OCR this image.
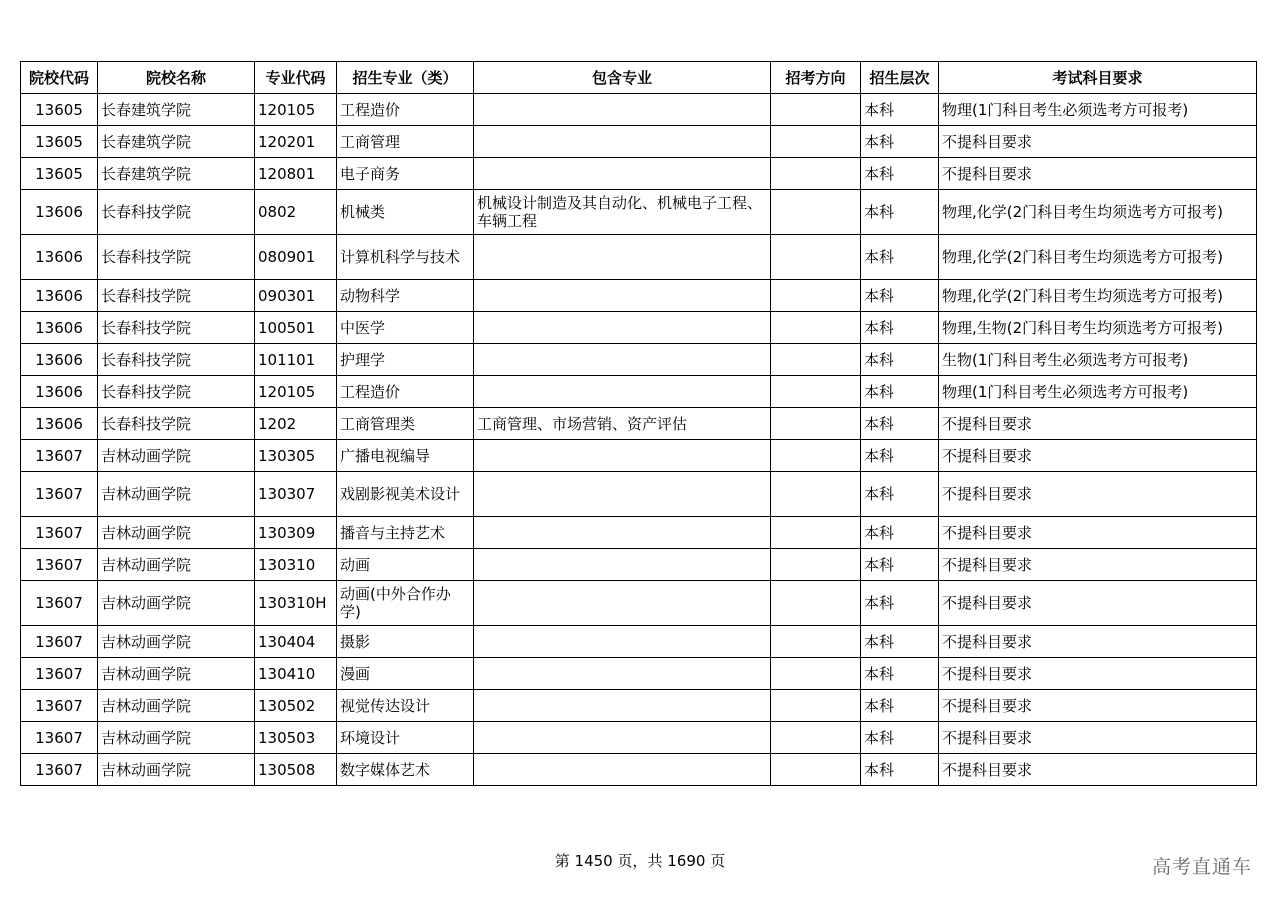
院校代码	院校名称	专业代码	招生专业（类）	包含专业	招考方向	招生层次	考试科目要求
13605	长春建筑学院	120105	工程造价			本科	物理(1门科目考生必须选考方可报考)
13605	长春建筑学院	120201	工商管理			本科	不提科目要求
13605	长春建筑学院	120801	电子商务			本科	不提科目要求
13606	长春科技学院	0802	机械类	机械设计制造及其自动化、机械电子工程、车辆工程		本科	物理,化学(2门科目考生均须选考方可报考)
13606	长春科技学院	080901	计算机科学与技术			本科	物理,化学(2门科目考生均须选考方可报考)
13606	长春科技学院	090301	动物科学			本科	物理,化学(2门科目考生均须选考方可报考)
13606	长春科技学院	100501	中医学			本科	物理,生物(2门科目考生均须选考方可报考)
13606	长春科技学院	101101	护理学			本科	生物(1门科目考生必须选考方可报考)
13606	长春科技学院	120105	工程造价			本科	物理(1门科目考生必须选考方可报考)
13606	长春科技学院	1202	工商管理类	工商管理、市场营销、资产评估		本科	不提科目要求
13607	吉林动画学院	130305	广播电视编导			本科	不提科目要求
13607	吉林动画学院	130307	戏剧影视美术设计			本科	不提科目要求
13607	吉林动画学院	130309	播音与主持艺术			本科	不提科目要求
13607	吉林动画学院	130310	动画			本科	不提科目要求
13607	吉林动画学院	130310H	动画(中外合作办学)			本科	不提科目要求
13607	吉林动画学院	130404	摄影			本科	不提科目要求
13607	吉林动画学院	130410	漫画			本科	不提科目要求
13607	吉林动画学院	130502	视觉传达设计			本科	不提科目要求
13607	吉林动画学院	130503	环境设计			本科	不提科目要求
13607	吉林动画学院	130508	数字媒体艺术			本科	不提科目要求
第 1450 页，共 1690 页	高考直通车
